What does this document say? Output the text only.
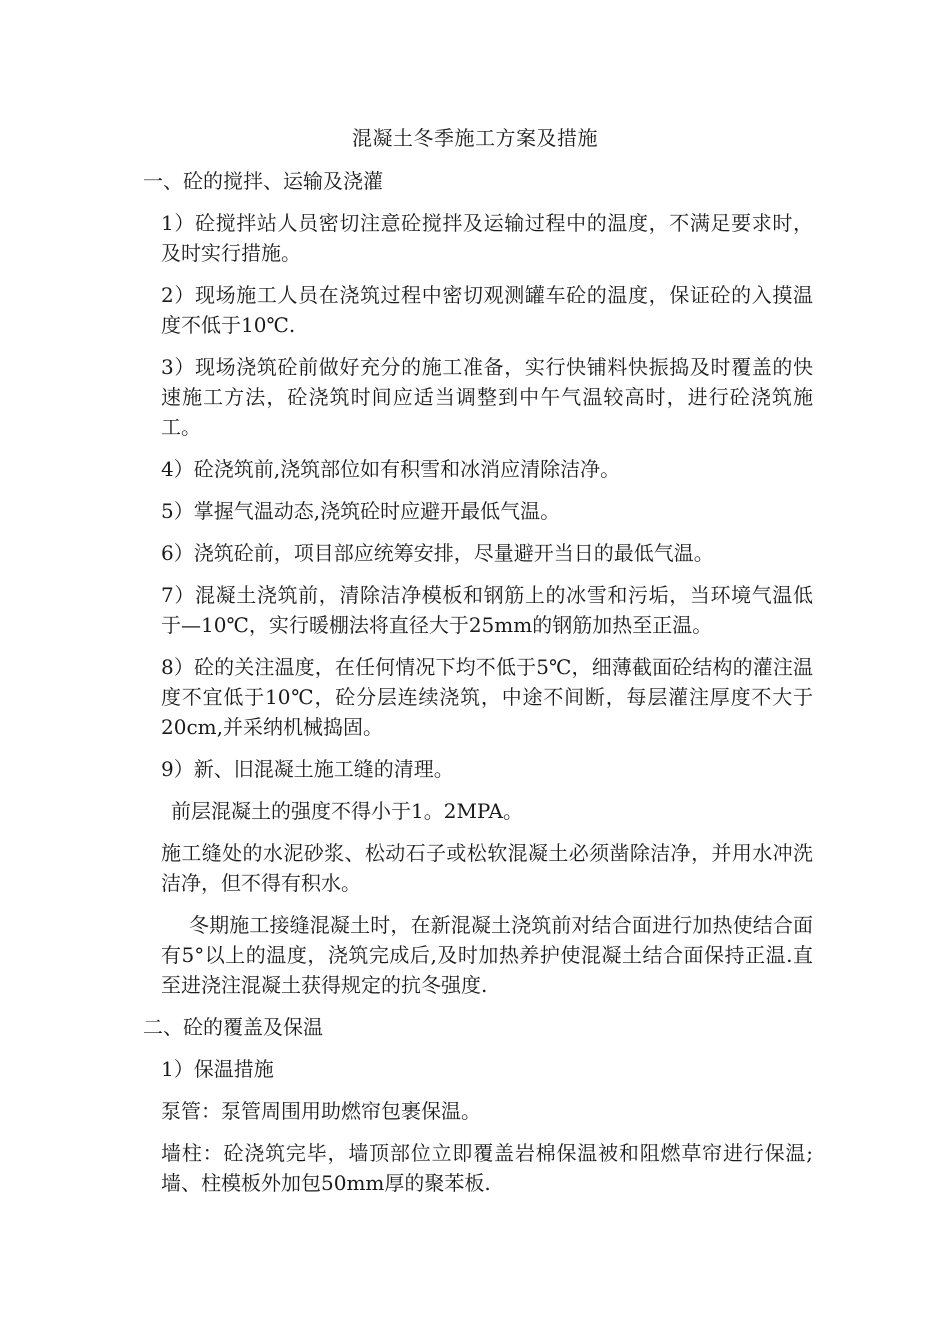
混凝土冬季施工方案及措施
一、砼的搅拌、运输及浇灌

1）砼搅拌站人员密切注意砼搅拌及运输过程中的温度，不满足要求时，及时实行措施。

2）现场施工人员在浇筑过程中密切观测罐车砼的温度，保证砼的入摸温度不低于10℃.

3）现场浇筑砼前做好充分的施工准备，实行快铺料快振捣及时覆盖的快速施工方法，砼浇筑时间应适当调整到中午气温较高时，进行砼浇筑施工。

4）砼浇筑前,浇筑部位如有积雪和冰消应清除洁净。

5）掌握气温动态,浇筑砼时应避开最低气温。

6）浇筑砼前，项目部应统筹安排，尽量避开当日的最低气温。

7）混凝土浇筑前，清除洁净模板和钢筋上的冰雪和污垢，当环境气温低于—10℃，实行暖棚法将直径大于25mm的钢筋加热至正温。

8）砼的关注温度，在任何情况下均不低于5℃，细薄截面砼结构的灌注温度不宜低于10℃，砼分层连续浇筑，中途不间断，每层灌注厚度不大于20cm,并采纳机械捣固。

9）新、旧混凝土施工缝的清理。

前层混凝土的强度不得小于1。2MPA。

施工缝处的水泥砂浆、松动石子或松软混凝土必须凿除洁净，并用水冲洗洁净，但不得有积水。

冬期施工接缝混凝土时，在新混凝土浇筑前对结合面进行加热使结合面有5°以上的温度，浇筑完成后,及时加热养护使混凝土结合面保持正温.直至进浇注混凝土获得规定的抗冬强度.

二、砼的覆盖及保温

1）保温措施

泵管：泵管周围用助燃帘包裹保温。

墙柱：砼浇筑完毕，墙顶部位立即覆盖岩棉保温被和阻燃草帘进行保温;墙、柱模板外加包50mm厚的聚苯板.
